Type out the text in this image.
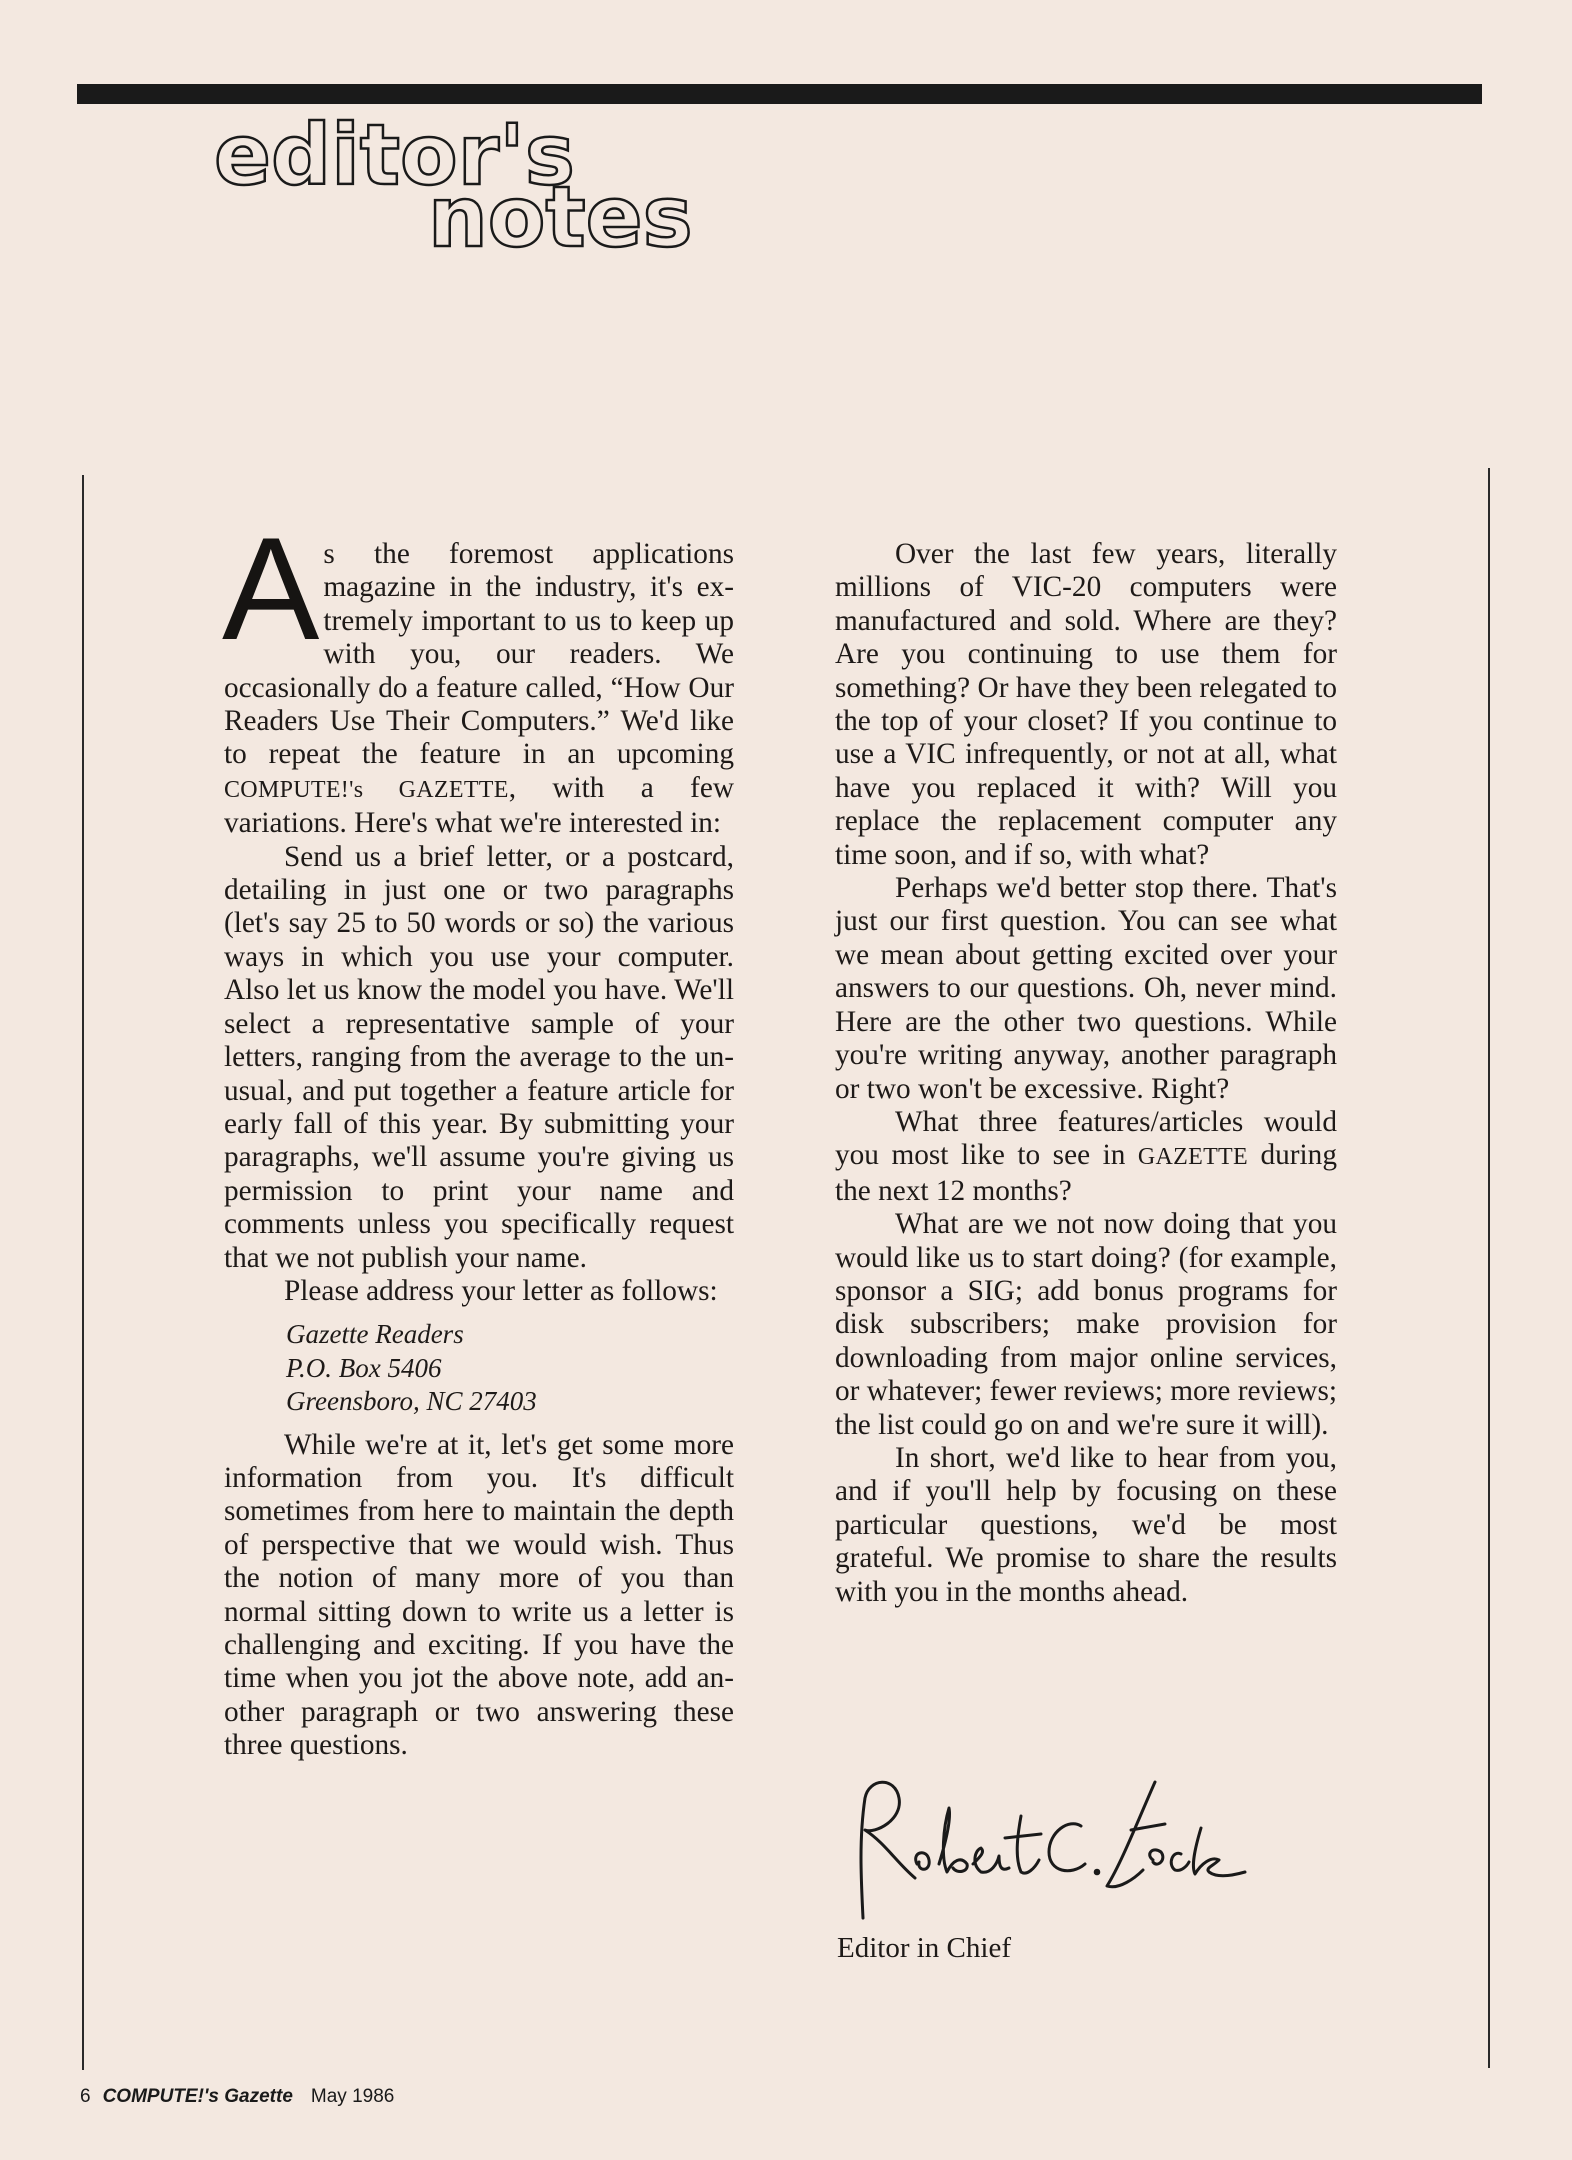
editor's
notes

As the foremost applications magazine in the industry, it's extremely important to us to keep up with you, our readers. We occasionally do a feature called, “How Our Readers Use Their Computers.” We'd like to repeat the feature in an upcoming COMPUTE!'s GAZETTE, with a few variations. Here's what we're interested in:

Send us a brief letter, or a postcard, detailing in just one or two paragraphs (let's say 25 to 50 words or so) the various ways in which you use your computer. Also let us know the model you have. We'll select a representative sample of your letters, ranging from the average to the unusual, and put together a feature article for early fall of this year. By submitting your paragraphs, we'll assume you're giving us permission to print your name and comments unless you specifically request that we not publish your name.

Please address your letter as follows:

Gazette Readers
P.O. Box 5406
Greensboro, NC 27403

While we're at it, let's get some more information from you. It's difficult sometimes from here to maintain the depth of perspective that we would wish. Thus the notion of many more of you than normal sitting down to write us a letter is challenging and exciting. If you have the time when you jot the above note, add another paragraph or two answering these three questions.

Over the last few years, literally millions of VIC-20 computers were manufactured and sold. Where are they? Are you continuing to use them for something? Or have they been relegated to the top of your closet? If you continue to use a VIC infrequently, or not at all, what have you replaced it with? Will you replace the replacement computer any time soon, and if so, with what?

Perhaps we'd better stop there. That's just our first question. You can see what we mean about getting excited over your answers to our questions. Oh, never mind. Here are the other two questions. While you're writing anyway, another paragraph or two won't be excessive. Right?

What three features/articles would you most like to see in GAZETTE during the next 12 months?

What are we not now doing that you would like us to start doing? (for example, sponsor a SIG; add bonus programs for disk subscribers; make provision for downloading from major online services, or whatever; fewer reviews; more reviews; the list could go on and we're sure it will).

In short, we'd like to hear from you, and if you'll help by focusing on these particular questions, we'd be most grateful. We promise to share the results with you in the months ahead.

Editor in Chief
6 COMPUTE!'s Gazette May 1986
